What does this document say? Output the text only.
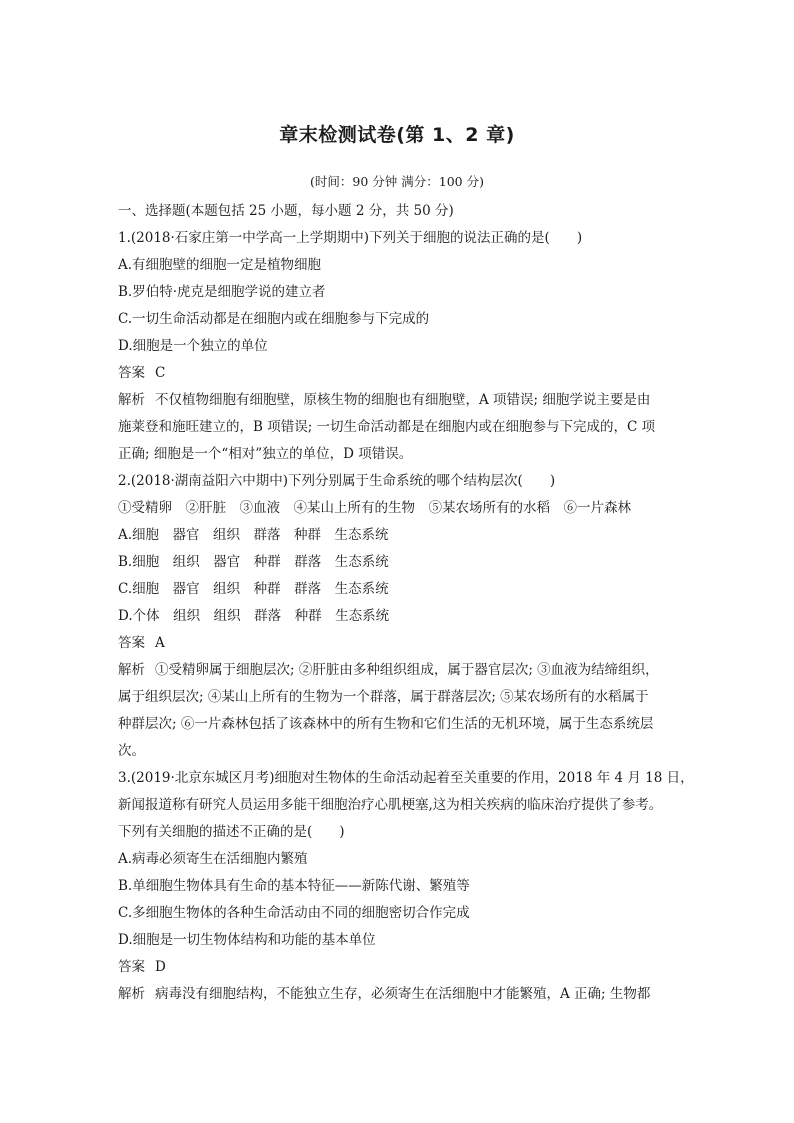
章末检测试卷(第 1、2 章)
(时间：90 分钟 满分：100 分)
一、选择题(本题包括 25 小题，每小题 2 分，共 50 分)
1.(2018·石家庄第一中学高一上学期期中)下列关于细胞的说法正确的是(　　)
A.有细胞壁的细胞一定是植物细胞
B.罗伯特·虎克是细胞学说的建立者
C.一切生命活动都是在细胞内或在细胞参与下完成的
D.细胞是一个独立的单位
答案 C
解析 不仅植物细胞有细胞壁，原核生物的细胞也有细胞壁，A 项错误; 细胞学说主要是由
施莱登和施旺建立的，B 项错误; 一切生命活动都是在细胞内或在细胞参与下完成的，C 项
正确; 细胞是一个“相对”独立的单位，D 项错误。
2.(2018·湖南益阳六中期中)下列分别属于生命系统的哪个结构层次(　　)
①受精卵　②肝脏　③血液　④某山上所有的生物　⑤某农场所有的水稻　⑥一片森林
A.细胞　器官　组织　群落　种群　生态系统
B.细胞　组织　器官　种群　群落　生态系统
C.细胞　器官　组织　种群　群落　生态系统
D.个体　组织　组织　群落　种群　生态系统
答案 A
解析 ①受精卵属于细胞层次; ②肝脏由多种组织组成，属于器官层次; ③血液为结缔组织，
属于组织层次; ④某山上所有的生物为一个群落，属于群落层次; ⑤某农场所有的水稻属于
种群层次; ⑥一片森林包括了该森林中的所有生物和它们生活的无机环境，属于生态系统层
次。
3.(2019·北京东城区月考)细胞对生物体的生命活动起着至关重要的作用，2018 年 4 月 18 日，
新闻报道称有研究人员运用多能干细胞治疗心肌梗塞,这为相关疾病的临床治疗提供了参考。
下列有关细胞的描述不正确的是(　　)
A.病毒必须寄生在活细胞内繁殖
B.单细胞生物体具有生命的基本特征——新陈代谢、繁殖等
C.多细胞生物体的各种生命活动由不同的细胞密切合作完成
D.细胞是一切生物体结构和功能的基本单位
答案 D
解析 病毒没有细胞结构，不能独立生存，必须寄生在活细胞中才能繁殖，A 正确; 生物都
